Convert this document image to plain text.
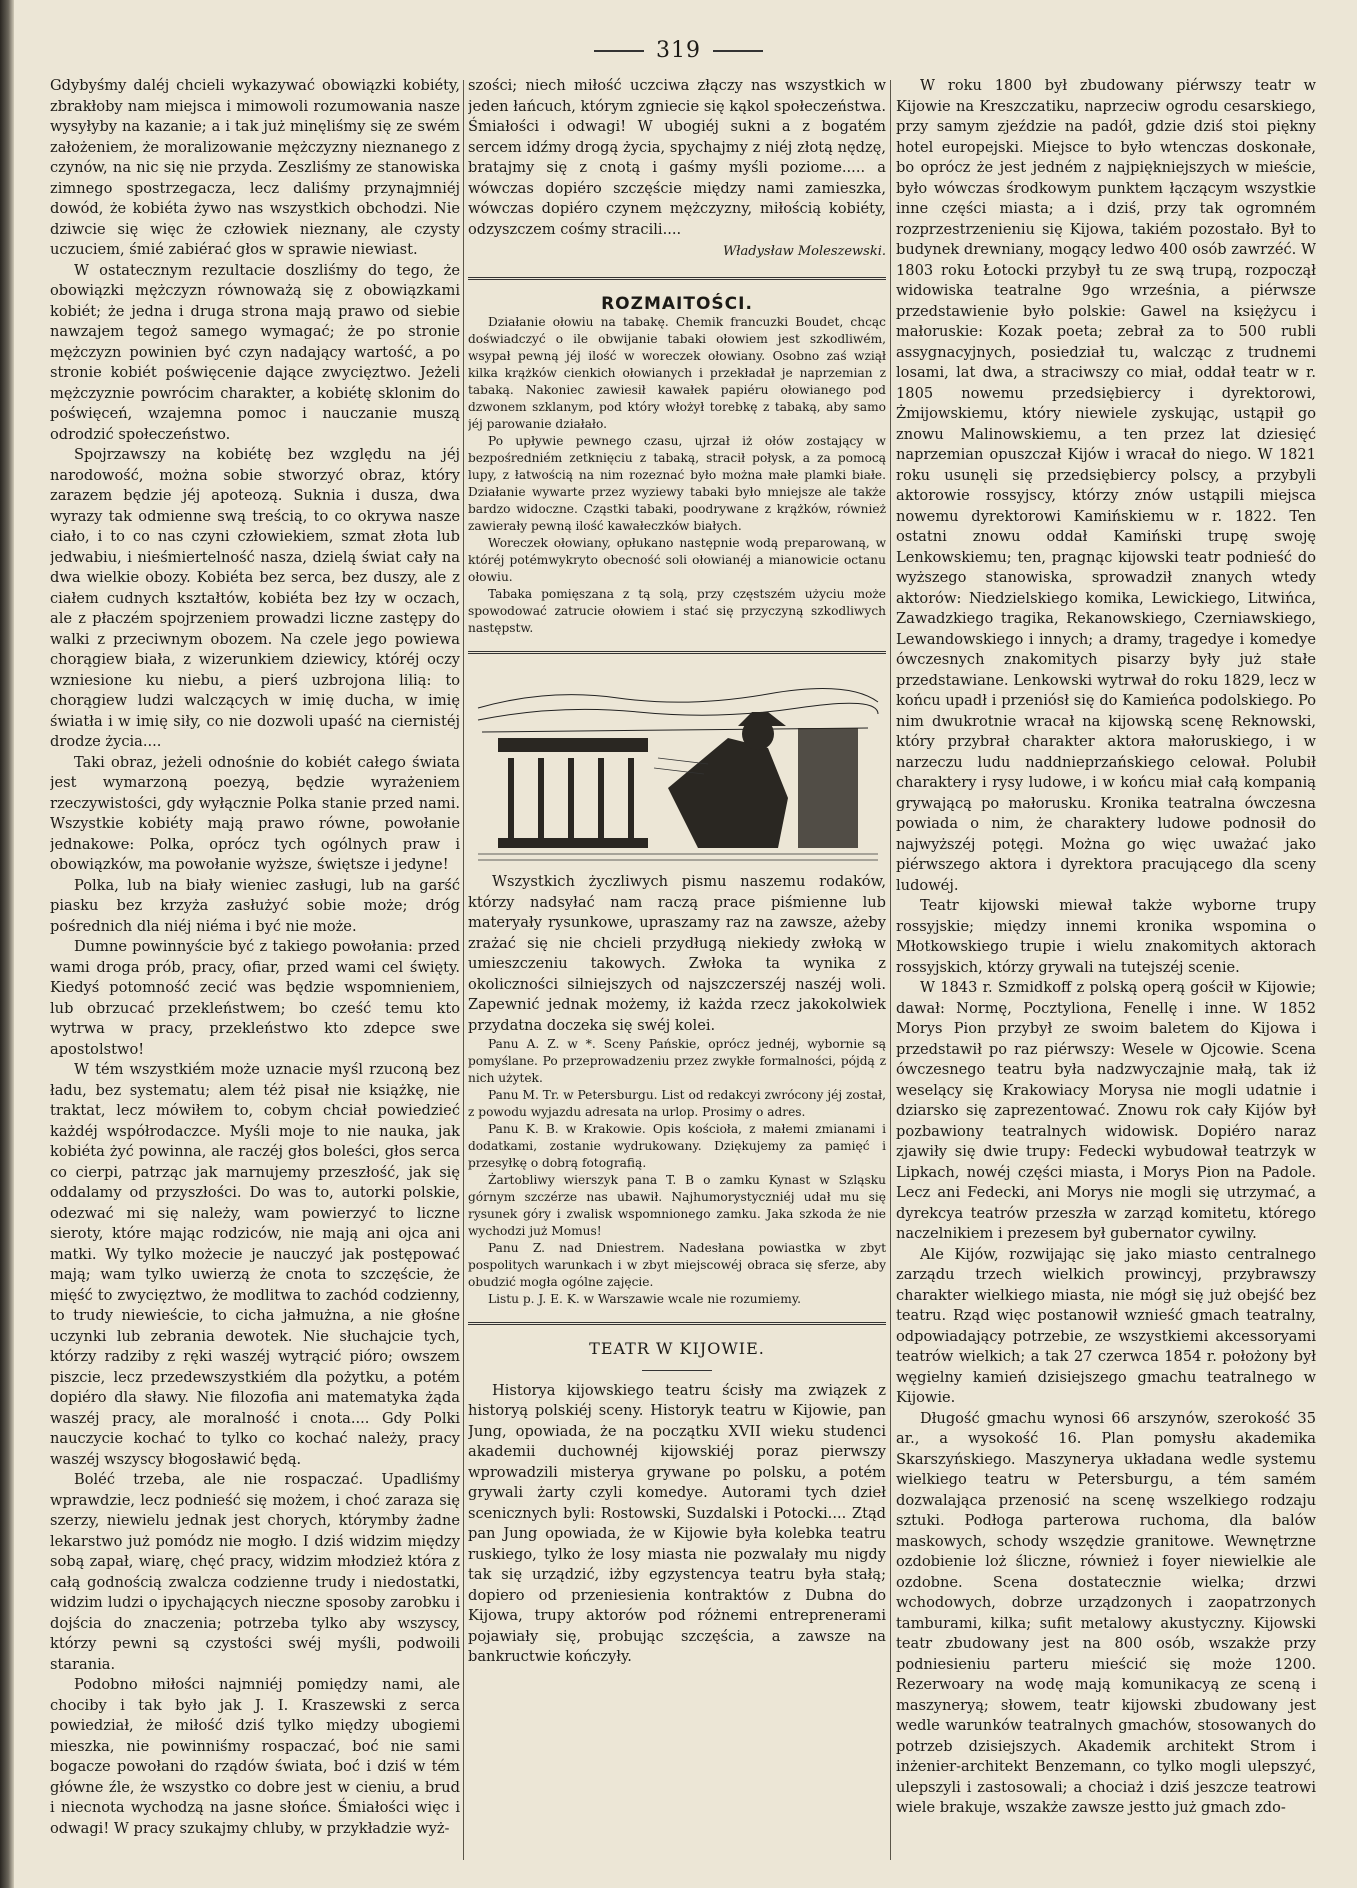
319

Gdybyśmy daléj chcieli wykazywać obowiązki kobiéty, zbrakłoby nam miejsca i mimowoli rozumowania nasze wysyłyby na kazanie; a i tak już minęliśmy się ze swém założeniem, że moralizowanie mężczyzny nieznanego z czynów, na nic się nie przyda. Zeszliśmy ze stanowiska zimnego spostrzegacza, lecz daliśmy przynajmniéj dowód, że kobiéta żywo nas wszystkich obchodzi. Nie dziwcie się więc że człowiek nieznany, ale czysty uczuciem, śmié zabiérać głos w sprawie niewiast.

W ostatecznym rezultacie doszliśmy do tego, że obowiązki mężczyzn równoważą się z obowiązkami kobiét; że jedna i druga strona mają prawo od siebie nawzajem tegoż samego wymagać; że po stronie mężczyzn powinien być czyn nadający wartość, a po stronie kobiét poświęcenie dające zwycięztwo. Jeżeli mężczyznie powrócim charakter, a kobiétę sklonim do poświęceń, wzajemna pomoc i nauczanie muszą odrodzić społeczeństwo.

Spojrzawszy na kobiétę bez względu na jéj narodowość, można sobie stworzyć obraz, który zarazem będzie jéj apoteozą. Suknia i dusza, dwa wyrazy tak odmienne swą treścią, to co okrywa nasze ciało, i to co nas czyni człowiekiem, szmat złota lub jedwabiu, i nieśmiertelność nasza, dzielą świat cały na dwa wielkie obozy. Kobiéta bez serca, bez duszy, ale z ciałem cudnych kształtów, kobiéta bez łzy w oczach, ale z płaczém spojrzeniem prowadzi liczne zastępy do walki z przeciwnym obozem. Na czele jego powiewa chorągiew biała, z wizerunkiem dziewicy, któréj oczy wzniesione ku niebu, a pierś uzbrojona lilią: to chorągiew ludzi walczących w imię ducha, w imię światła i w imię siły, co nie dozwoli upaść na ciernistéj drodze życia....

Taki obraz, jeżeli odnośnie do kobiét całego świata jest wymarzoną poezyą, będzie wyrażeniem rzeczywistości, gdy wyłącznie Polka stanie przed nami. Wszystkie kobiéty mają prawo równe, powołanie jednakowe: Polka, oprócz tych ogólnych praw i obowiązków, ma powołanie wyższe, świętsze i jedyne!

Polka, lub na biały wieniec zasługi, lub na garść piasku bez krzyża zasłużyć sobie może; dróg pośrednich dla niéj niéma i być nie może.

Dumne powinnyście być z takiego powołania: przed wami droga prób, pracy, ofiar, przed wami cel święty. Kiedyś potomność zecić was będzie wspomnieniem, lub obrzucać przekleństwem; bo cześć temu kto wytrwa w pracy, przekleństwo kto zdepce swe apostolstwo!

W tém wszystkiém może uznacie myśl rzuconą bez ładu, bez systematu; alem téż pisał nie książkę, nie traktat, lecz mówiłem to, cobym chciał powiedzieć każdéj współrodaczce. Myśli moje to nie nauka, jak kobiéta żyć powinna, ale raczéj głos boleści, głos serca co cierpi, patrząc jak marnujemy przeszłość, jak się oddalamy od przyszłości. Do was to, autorki polskie, odezwać mi się należy, wam powierzyć to liczne sieroty, które mając rodziców, nie mają ani ojca ani matki. Wy tylko możecie je nauczyć jak postępować mają; wam tylko uwierzą że cnota to szczęście, że mięść to zwycięztwo, że modlitwa to zachód codzienny, to trudy niewieście, to cicha jałmużna, a nie głośne uczynki lub zebrania dewotek. Nie słuchajcie tych, którzy radziby z ręki waszéj wytrącić pióro; owszem piszcie, lecz przedewszystkiém dla pożytku, a potém dopiéro dla sławy. Nie filozofia ani matematyka żąda waszéj pracy, ale moralność i cnota.... Gdy Polki nauczycie kochać to tylko co kochać należy, pracy waszéj wszyscy błogosławić będą.

Boléć trzeba, ale nie rospaczać. Upadliśmy wprawdzie, lecz podnieść się możem, i choć zaraza się szerzy, niewielu jednak jest chorych, którymby żadne lekarstwo już pomódz nie mogło. I dziś widzim między sobą zapał, wiarę, chęć pracy, widzim młodzież która z całą godnością zwalcza codzienne trudy i niedostatki, widzim ludzi o ipychających nieczne sposoby zarobku i dojścia do znaczenia; potrzeba tylko aby wszyscy, którzy pewni są czystości swéj myśli, podwoili starania.

Podobno miłości najmniéj pomiędzy nami, ale chociby i tak było jak J. I. Kraszewski z serca powiedział, że miłość dziś tylko między ubogiemi mieszka, nie powinniśmy rospaczać, boć nie sami bogacze powołani do rządów świata, boć i dziś w tém główne źle, że wszystko co dobre jest w cieniu, a brud i niecnota wychodzą na jasne słońce. Śmiałości więc i odwagi! W pracy szukajmy chluby, w przykładzie wyż-

szości; niech miłość uczciwa złączy nas wszystkich w jeden łańcuch, którym zgniecie się kąkol społeczeństwa. Śmiałości i odwagi! W ubogiéj sukni a z bogatém sercem idźmy drogą życia, spychajmy z niéj złotą nędzę, bratajmy się z cnotą i gaśmy myśli poziome..... a wówczas dopiéro szczęście między nami zamieszka, wówczas dopiéro czynem mężczyzny, miłością kobiéty, odzyszczem cośmy stracili....

Władysław Moleszewski.

ROZMAITOŚCI.

Działanie ołowiu na tabakę. Chemik francuzki Boudet, chcąc doświadczyć o ile obwijanie tabaki ołowiem jest szkodliwém, wsypał pewną jéj ilość w woreczek ołowiany. Osobno zaś wziął kilka krążków cienkich ołowianych i przekładał je naprzemian z tabaką. Nakoniec zawiesił kawałek papiéru ołowianego pod dzwonem szklanym, pod który włożył torebkę z tabaką, aby samo jéj parowanie działało.

Po upływie pewnego czasu, ujrzał iż ołów zostający w bezpośredniém zetknięciu z tabaką, stracił połysk, a za pomocą lupy, z łatwością na nim rozeznać było można małe plamki białe. Działanie wywarte przez wyziewy tabaki było mniejsze ale także bardzo widoczne. Cząstki tabaki, poodrywane z krążków, również zawierały pewną ilość kawałeczków białych.

Woreczek ołowiany, opłukano następnie wodą preparowaną, w któréj potémwykryto obecność soli ołowianéj a mianowicie octanu ołowiu.

Tabaka pomięszana z tą solą, przy częstszém użyciu może spowodować zatrucie ołowiem i stać się przyczyną szkodliwych następstw.

Wszystkich życzliwych pismu naszemu rodaków, którzy nadsyłać nam raczą prace piśmienne lub materyały rysunkowe, upraszamy raz na zawsze, ażeby zrażać się nie chcieli przydługą niekiedy zwłoką w umieszczeniu takowych. Zwłoka ta wynika z okoliczności silniejszych od najszczerszéj naszéj woli. Zapewnić jednak możemy, iż każda rzecz jakokolwiek przydatna doczeka się swéj kolei.

Panu A. Z. w *. Sceny Pańskie, oprócz jednéj, wybornie są pomyślane. Po przeprowadzeniu przez zwykłe formalności, pójdą z nich użytek.

Panu M. Tr. w Petersburgu. List od redakcyi zwrócony jéj został, z powodu wyjazdu adresata na urlop. Prosimy o adres.

Panu K. B. w Krakowie. Opis kościoła, z małemi zmianami i dodatkami, zostanie wydrukowany. Dziękujemy za pamięć i przesyłkę o dobrą fotografią.

Żartobliwy wierszyk pana T. B o zamku Kynast w Szląsku górnym szczérze nas ubawił. Najhumorystyczniéj udał mu się rysunek góry i zwalisk wspomnionego zamku. Jaka szkoda że nie wychodzi już Momus!

Panu Z. nad Dniestrem. Nadesłana powiastka w zbyt pospolitych warunkach i w zbyt miejscowéj obraca się sferze, aby obudzić mogła ogólne zajęcie.

Listu p. J. E. K. w Warszawie wcale nie rozumiemy.

TEATR W KIJOWIE.

Historya kijowskiego teatru ścisły ma związek z historyą polskiéj sceny. Historyk teatru w Kijowie, pan Jung, opowiada, że na początku XVII wieku studenci akademii duchownéj kijowskiéj poraz pierwszy wprowadzili misterya grywane po polsku, a potém grywali żarty czyli komedye. Autorami tych dzieł scenicznych byli: Rostowski, Suzdalski i Potocki.... Ztąd pan Jung opowiada, że w Kijowie była kolebka teatru ruskiego, tylko że losy miasta nie pozwalały mu nigdy tak się urządzić, iżby egzystencya teatru była stałą; dopiero od przeniesienia kontraktów z Dubna do Kijowa, trupy aktorów pod różnemi entreprenerami pojawiały się, probując szczęścia, a zawsze na bankructwie kończyły.

W roku 1800 był zbudowany piérwszy teatr w Kijowie na Kreszczatiku, naprzeciw ogrodu cesarskiego, przy samym zjeździe na padół, gdzie dziś stoi piękny hotel europejski. Miejsce to było wtenczas doskonałe, bo oprócz że jest jedném z najpiękniejszych w mieście, było wówczas środkowym punktem łączącym wszystkie inne części miasta; a i dziś, przy tak ogromném rozprzestrzenieniu się Kijowa, takiém pozostało. Był to budynek drewniany, mogący ledwo 400 osób zawrzéć. W 1803 roku Łotocki przybył tu ze swą trupą, rozpoczął widowiska teatralne 9go września, a piérwsze przedstawienie było polskie: Gawel na księżycu i małoruskie: Kozak poeta; zebrał za to 500 rubli assygnacyjnych, posiedział tu, walcząc z trudnemi losami, lat dwa, a straciwszy co miał, oddał teatr w r. 1805 nowemu przedsiębiercy i dyrektorowi, Żmijowskiemu, który niewiele zyskując, ustąpił go znowu Malinowskiemu, a ten przez lat dziesięć naprzemian opuszczał Kijów i wracał do niego. W 1821 roku usunęli się przedsiębiercy polscy, a przybyli aktorowie rossyjscy, którzy znów ustąpili miejsca nowemu dyrektorowi Kamińskiemu w r. 1822. Ten ostatni znowu oddał Kamiński trupę swoję Lenkowskiemu; ten, pragnąc kijowski teatr podnieść do wyższego stanowiska, sprowadził znanych wtedy aktorów: Niedzielskiego komika, Lewickiego, Litwińca, Zawadzkiego tragika, Rekanowskiego, Czerniawskiego, Lewandowskiego i innych; a dramy, tragedye i komedye ówczesnych znakomitych pisarzy były już stałe przedstawiane. Lenkowski wytrwał do roku 1829, lecz w końcu upadł i przeniósł się do Kamieńca podolskiego. Po nim dwukrotnie wracał na kijowską scenę Reknowski, który przybrał charakter aktora małoruskiego, i w narzeczu ludu naddnieprzańskiego celował. Polubił charaktery i rysy ludowe, i w końcu miał całą kompanią grywającą po małorusku. Kronika teatralna ówczesna powiada o nim, że charaktery ludowe podnosił do najwyższéj potęgi. Można go więc uważać jako piérwszego aktora i dyrektora pracującego dla sceny ludowéj.

Teatr kijowski miewał także wyborne trupy rossyjskie; między innemi kronika wspomina o Młotkowskiego trupie i wielu znakomitych aktorach rossyjskich, którzy grywali na tutejszéj scenie.

W 1843 r. Szmidkoff z polską operą gościł w Kijowie; dawał: Normę, Pocztyliona, Fenellę i inne. W 1852 Morys Pion przybył ze swoim baletem do Kijowa i przedstawił po raz piérwszy: Wesele w Ojcowie. Scena ówczesnego teatru była nadzwyczajnie małą, tak iż weselący się Krakowiacy Morysa nie mogli udatnie i dziarsko się zaprezentować. Znowu rok cały Kijów był pozbawiony teatralnych widowisk. Dopiéro naraz zjawiły się dwie trupy: Fedecki wybudował teatrzyk w Lipkach, nowéj części miasta, i Morys Pion na Padole. Lecz ani Fedecki, ani Morys nie mogli się utrzymać, a dyrekcya teatrów przeszła w zarząd komitetu, którego naczelnikiem i prezesem był gubernator cywilny.

Ale Kijów, rozwijając się jako miasto centralnego zarządu trzech wielkich prowincyj, przybrawszy charakter wielkiego miasta, nie mógł się już obejść bez teatru. Rząd więc postanowił wznieść gmach teatralny, odpowiadający potrzebie, ze wszystkiemi akcessoryami teatrów wielkich; a tak 27 czerwca 1854 r. położony był węgielny kamień dzisiejszego gmachu teatralnego w Kijowie.

Długość gmachu wynosi 66 arszynów, szerokość 35 ar., a wysokość 16. Plan pomysłu akademika Skarszyńskiego. Maszynerya układana wedle systemu wielkiego teatru w Petersburgu, a tém samém dozwalająca przenosić na scenę wszelkiego rodzaju sztuki. Podłoga parterowa ruchoma, dla balów maskowych, schody wszędzie granitowe. Wewnętrzne ozdobienie loż śliczne, również i foyer niewielkie ale ozdobne. Scena dostatecznie wielka; drzwi wchodowych, dobrze urządzonych i zaopatrzonych tamburami, kilka; sufit metalowy akustyczny. Kijowski teatr zbudowany jest na 800 osób, wszakże przy podniesieniu parteru mieścić się może 1200. Rezerwoary na wodę mają komunikacyą ze sceną i maszyneryą; słowem, teatr kijowski zbudowany jest wedle warunków teatralnych gmachów, stosowanych do potrzeb dzisiejszych. Akademik architekt Strom i inżenier-architekt Benzemann, co tylko mogli ulepszyć, ulepszyli i zastosowali; a chociaż i dziś jeszcze teatrowi wiele brakuje, wszakże zawsze jestto już gmach zdo-
